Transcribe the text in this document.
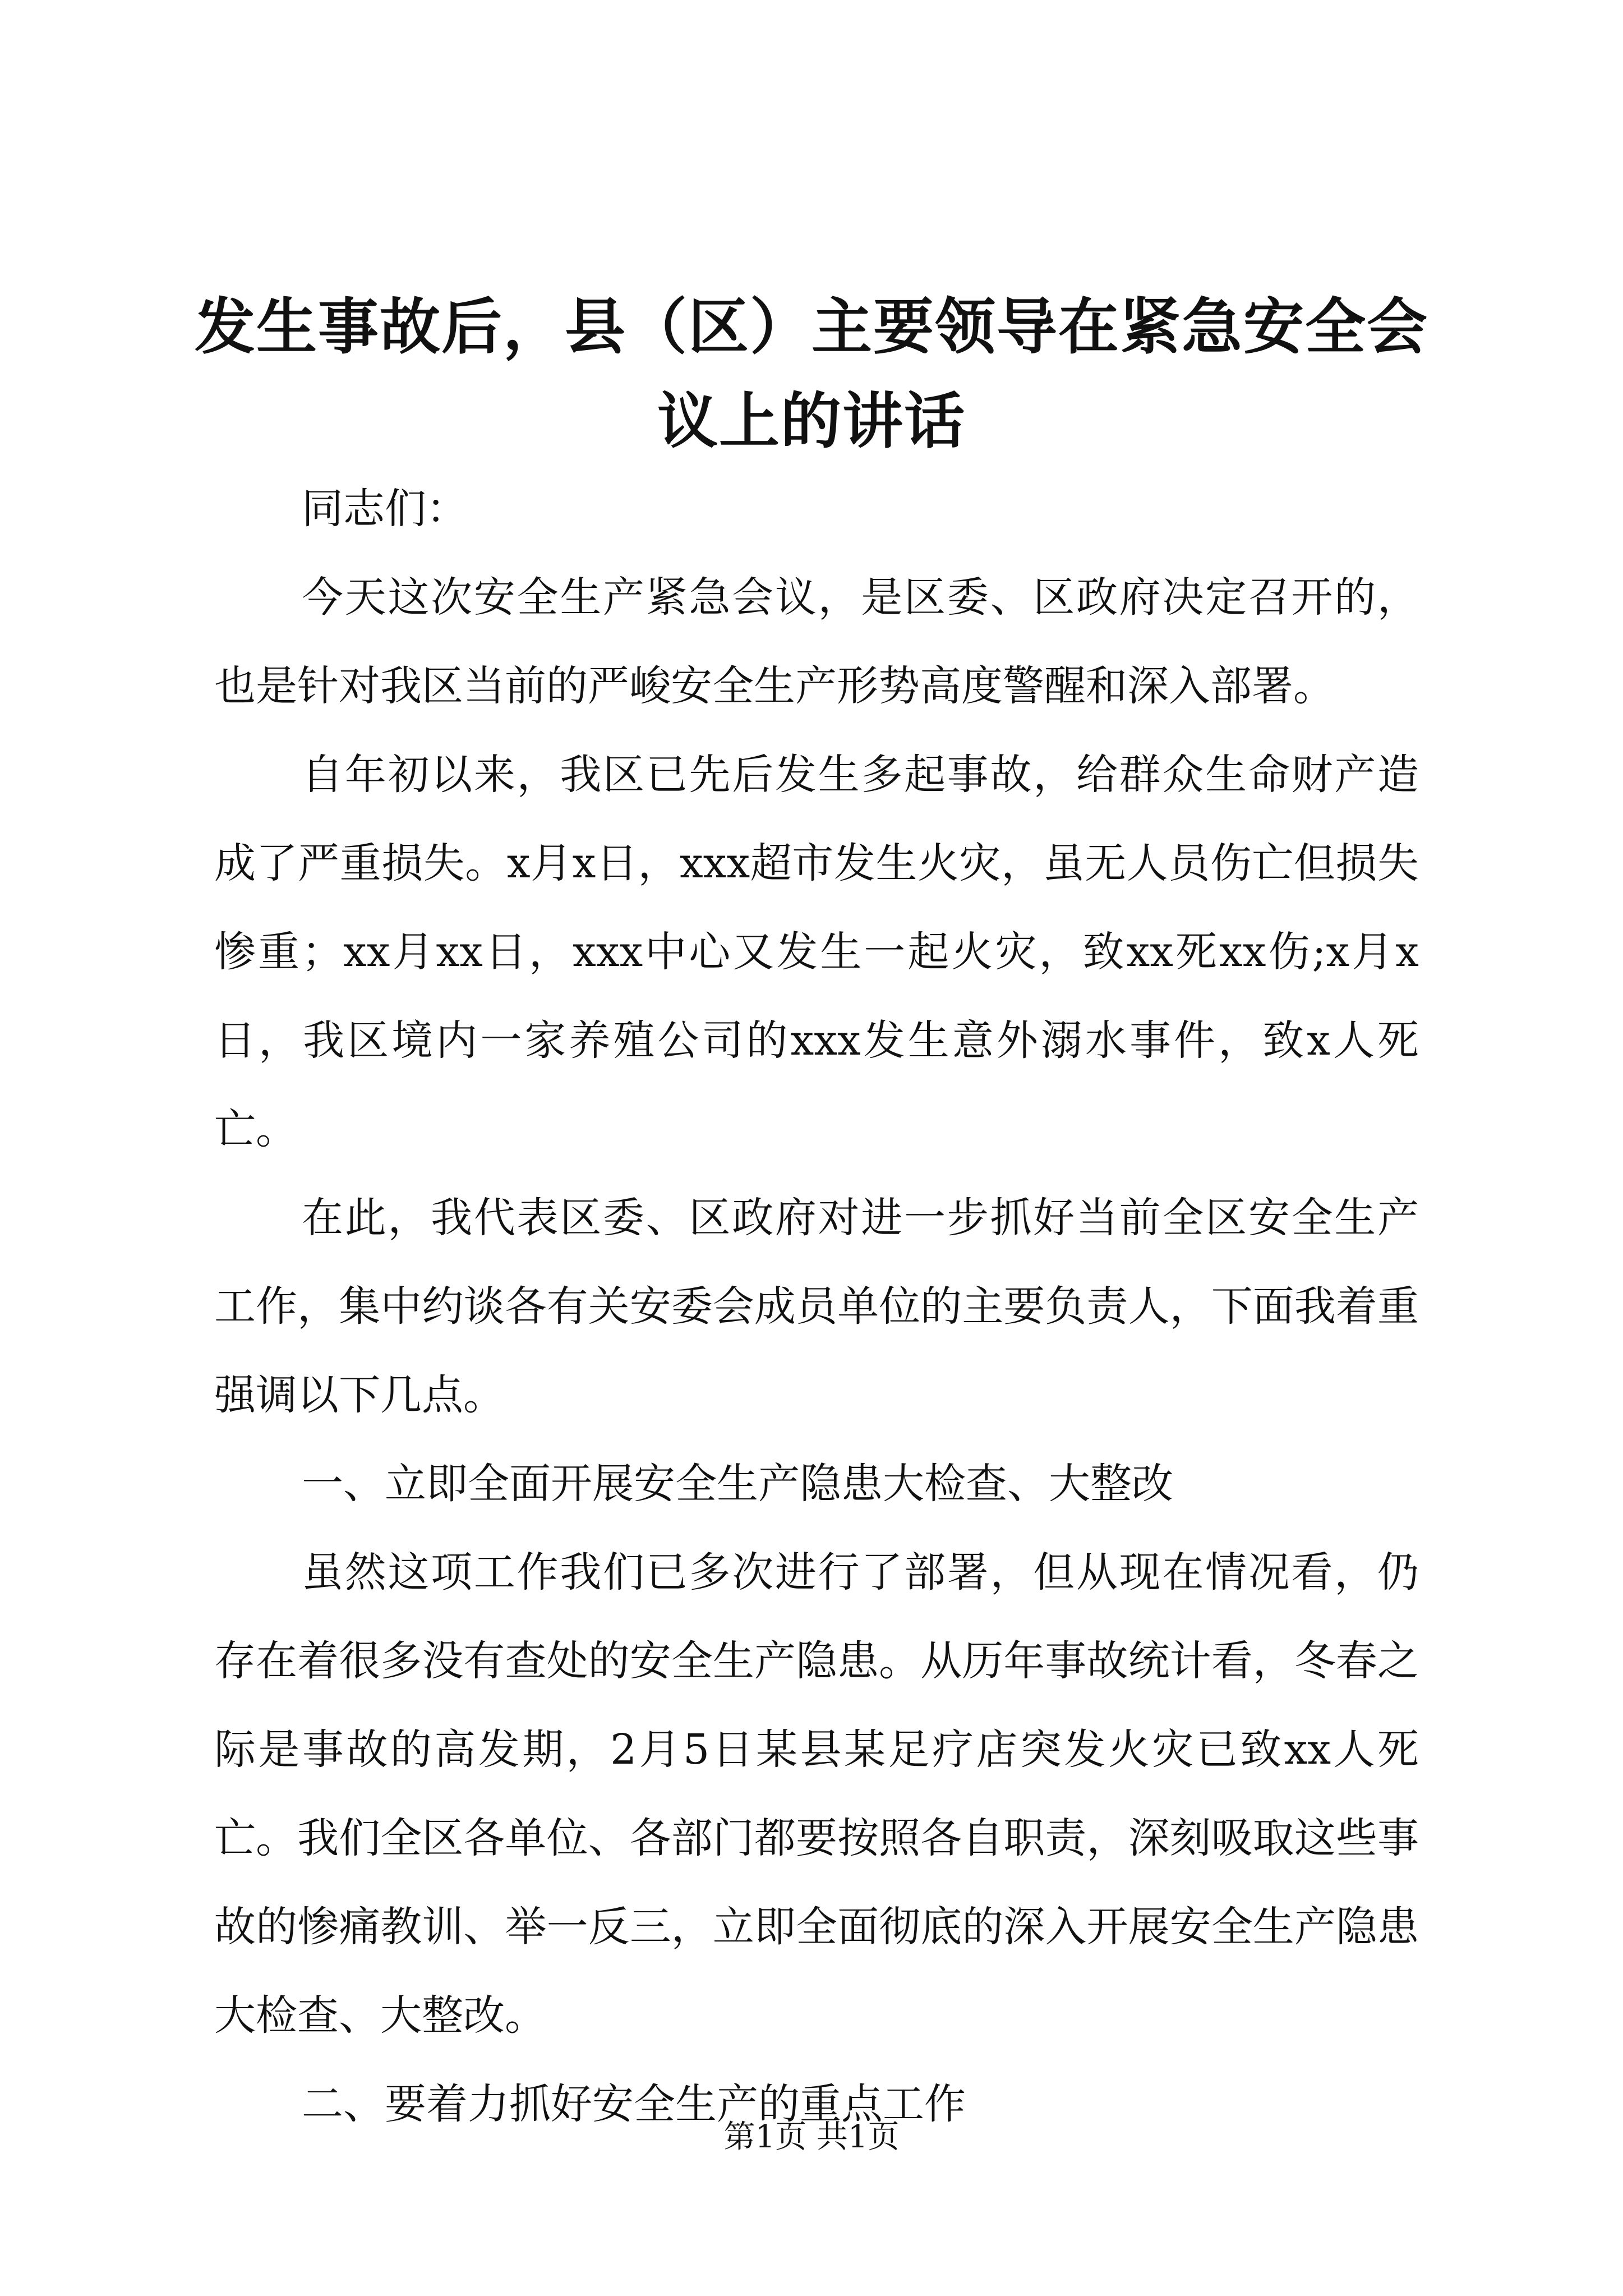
发生事故后，县（区）主要领导在紧急安全会议上的讲话

同志们：

今天这次安全生产紧急会议，是区委、区政府决定召开的，也是针对我区当前的严峻安全生产形势高度警醒和深入部署。

自年初以来，我区已先后发生多起事故，给群众生命财产造成了严重损失。x月x日，xxx超市发生火灾，虽无人员伤亡但损失惨重；xx月xx日，xxx中心又发生一起火灾，致xx死xx伤;x月x日，我区境内一家养殖公司的xxx发生意外溺水事件，致x人死亡。

在此，我代表区委、区政府对进一步抓好当前全区安全生产工作，集中约谈各有关安委会成员单位的主要负责人，下面我着重强调以下几点。

一、立即全面开展安全生产隐患大检查、大整改

虽然这项工作我们已多次进行了部署，但从现在情况看，仍存在着很多没有查处的安全生产隐患。从历年事故统计看，冬春之际是事故的高发期，2月5日某县某足疗店突发火灾已致xx人死亡。我们全区各单位、各部门都要按照各自职责，深刻吸取这些事故的惨痛教训、举一反三，立即全面彻底的深入开展安全生产隐患大检查、大整改。

二、要着力抓好安全生产的重点工作

第1页 共1页
